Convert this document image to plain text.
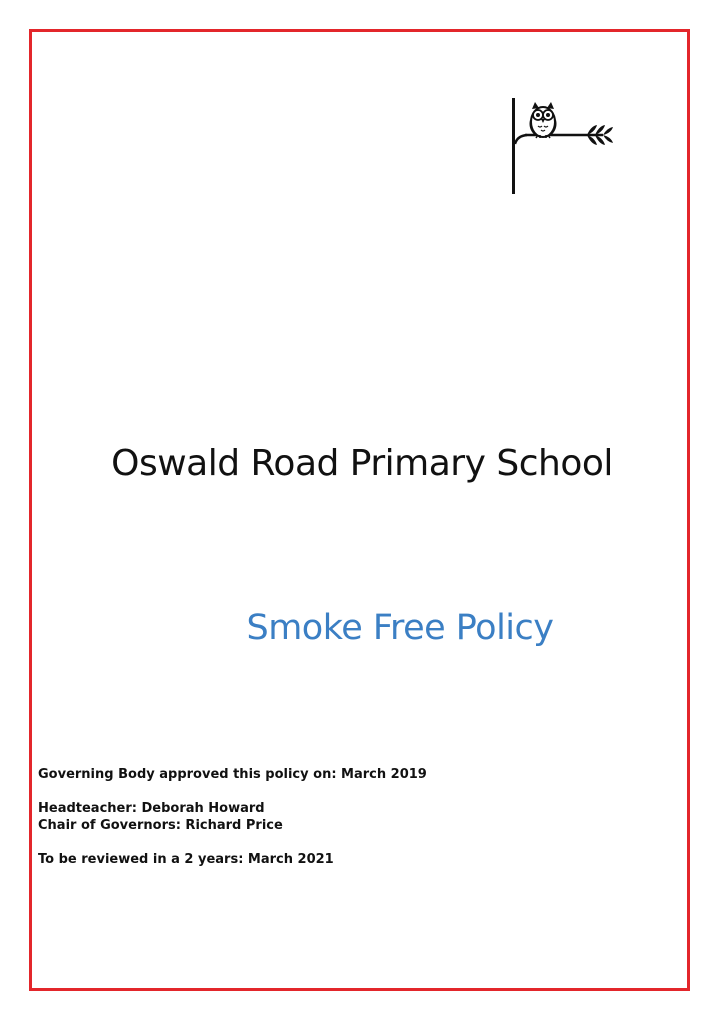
Oswald Road Primary School
Smoke Free Policy

Governing Body approved this policy on: March 2019

Headteacher: Deborah Howard

Chair of Governors: Richard Price

To be reviewed in a 2 years: March 2021
